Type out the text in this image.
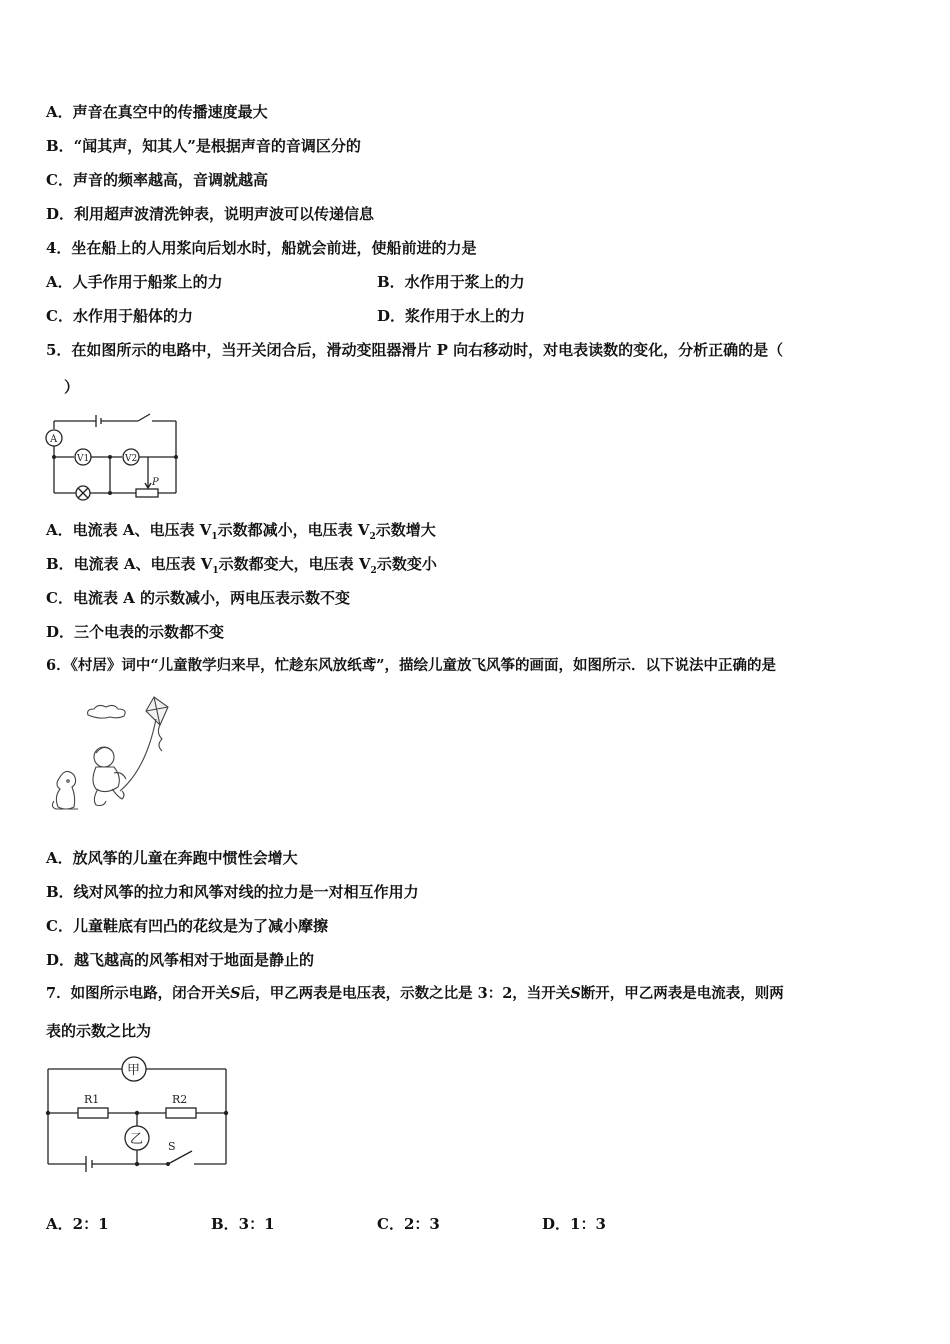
A．声音在真空中的传播速度最大
B．“闻其声，知其人”是根据声音的音调区分的
C．声音的频率越高，音调就越高
D．利用超声波清洗钟表，说明声波可以传递信息
4．坐在船上的人用浆向后划水时，船就会前进，使船前进的力是
A．人手作用于船浆上的力	B．水作用于浆上的力
C．水作用于船体的力	D．浆作用于水上的力
5．在如图所示的电路中，当开关闭合后，滑动变阻器滑片 P 向右移动时，对电表读数的变化，分析正确的是（
）
A
V1	V2
P
A．电流表 A、电压表 $V_1$示数都减小，电压表 $V_2$示数增大
B．电流表 A、电压表 $V_1$示数都变大，电压表 $V_2$示数变小
C．电流表 A 的示数减小，两电压表示数不变
D．三个电表的示数都不变
6．《村居》词中“儿童散学归来早，忙趁东风放纸鸢”，描绘儿童放飞风筝的画面，如图所示．以下说法中正确的是
A．放风筝的儿童在奔跑中惯性会增大
B．线对风筝的拉力和风筝对线的拉力是一对相互作用力
C．儿童鞋底有凹凸的花纹是为了减小摩擦
D．越飞越高的风筝相对于地面是静止的
7．如图所示电路，闭合开关S后，甲乙两表是电压表，示数之比是 3：2，当开关S断开，甲乙两表是电流表，则两
表的示数之比为
甲
乙
R1	R2
S
A．2：1	B．3：1	C．2：3	D．1：3
